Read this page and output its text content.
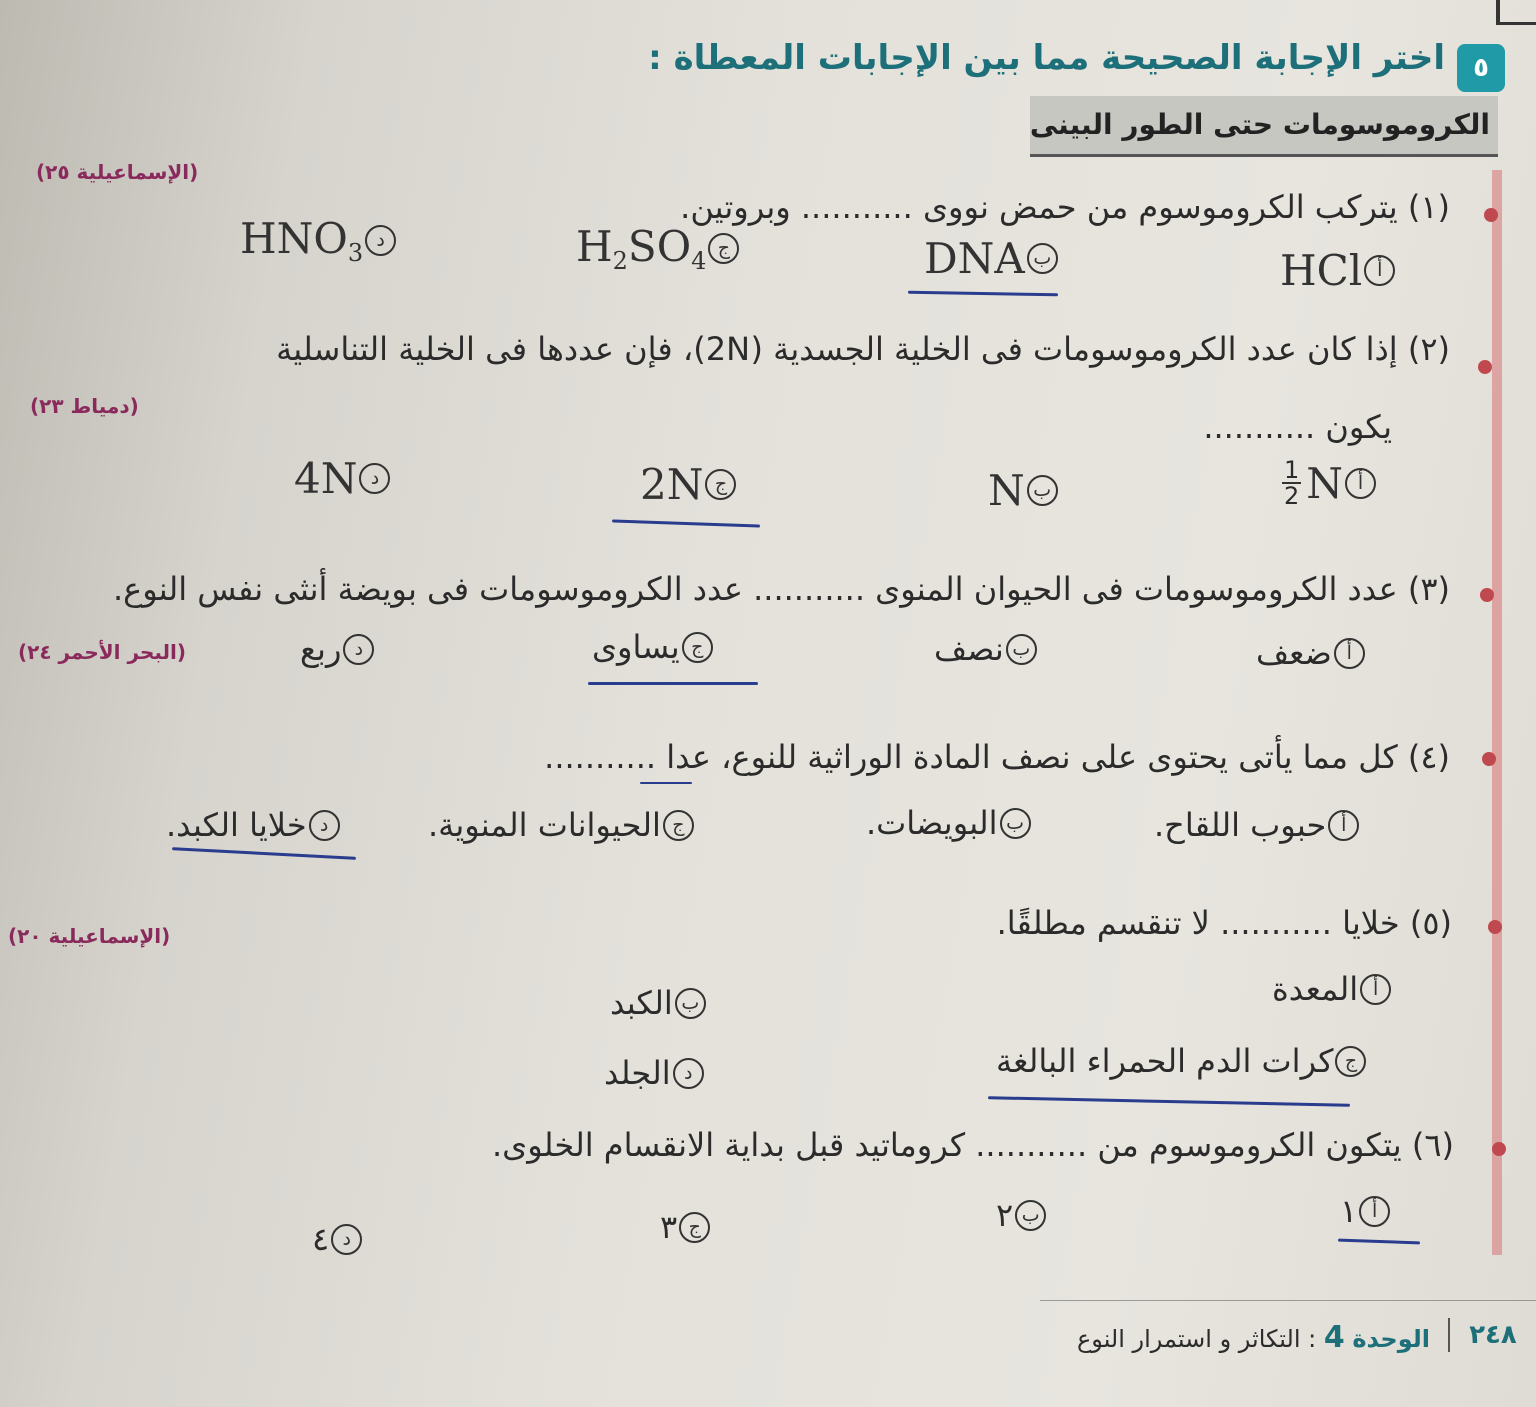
٥
اختر الإجابة الصحيحة مما بين الإجابات المعطاة :
الكروموسومات حتى الطور البينى
(الإسماعيلية ٢٥)
(١) يتركب الكروموسوم من حمض نووى ........... وبروتين.
HCl أ
DNA ب
$H_2SO_4$ ج
$HNO_3$ د
(٢) إذا كان عدد الكروموسومات فى الخلية الجسدية (2N)، فإن عددها فى الخلية التناسلية
(دمياط ٢٣)
يكون ...........
$\frac{1}{2}$ N أ
N ب
2N ج
4N د
(٣) عدد الكروموسومات فى الحيوان المنوى ........... عدد الكروموسومات فى بويضة أنثى نفس النوع.
(البحر الأحمر ٢٤)	أ
ضعف
ب
نصف
ج
يساوى
د
ربع
(٤) كل مما يأتى يحتوى على نصف المادة الوراثية للنوع، عدا ...........
أ
حبوب اللقاح.
ب
البويضات.
ج
الحيوانات المنوية.
د
خلايا الكبد.
(٥) خلايا ........... لا تنقسم مطلقًا.
(الإسماعيلية ٢٠)
أ
المعدة
ب
الكبد
ج
كرات الدم الحمراء البالغة
د
الجلد
(٦) يتكون الكروموسوم من ........... كروماتيد قبل بداية الانقسام الخلوى.
أ
١
ب
٢
ج
٣
د
٤
٢٤٨
الوحدة 4 : التكاثر و استمرار النوع
